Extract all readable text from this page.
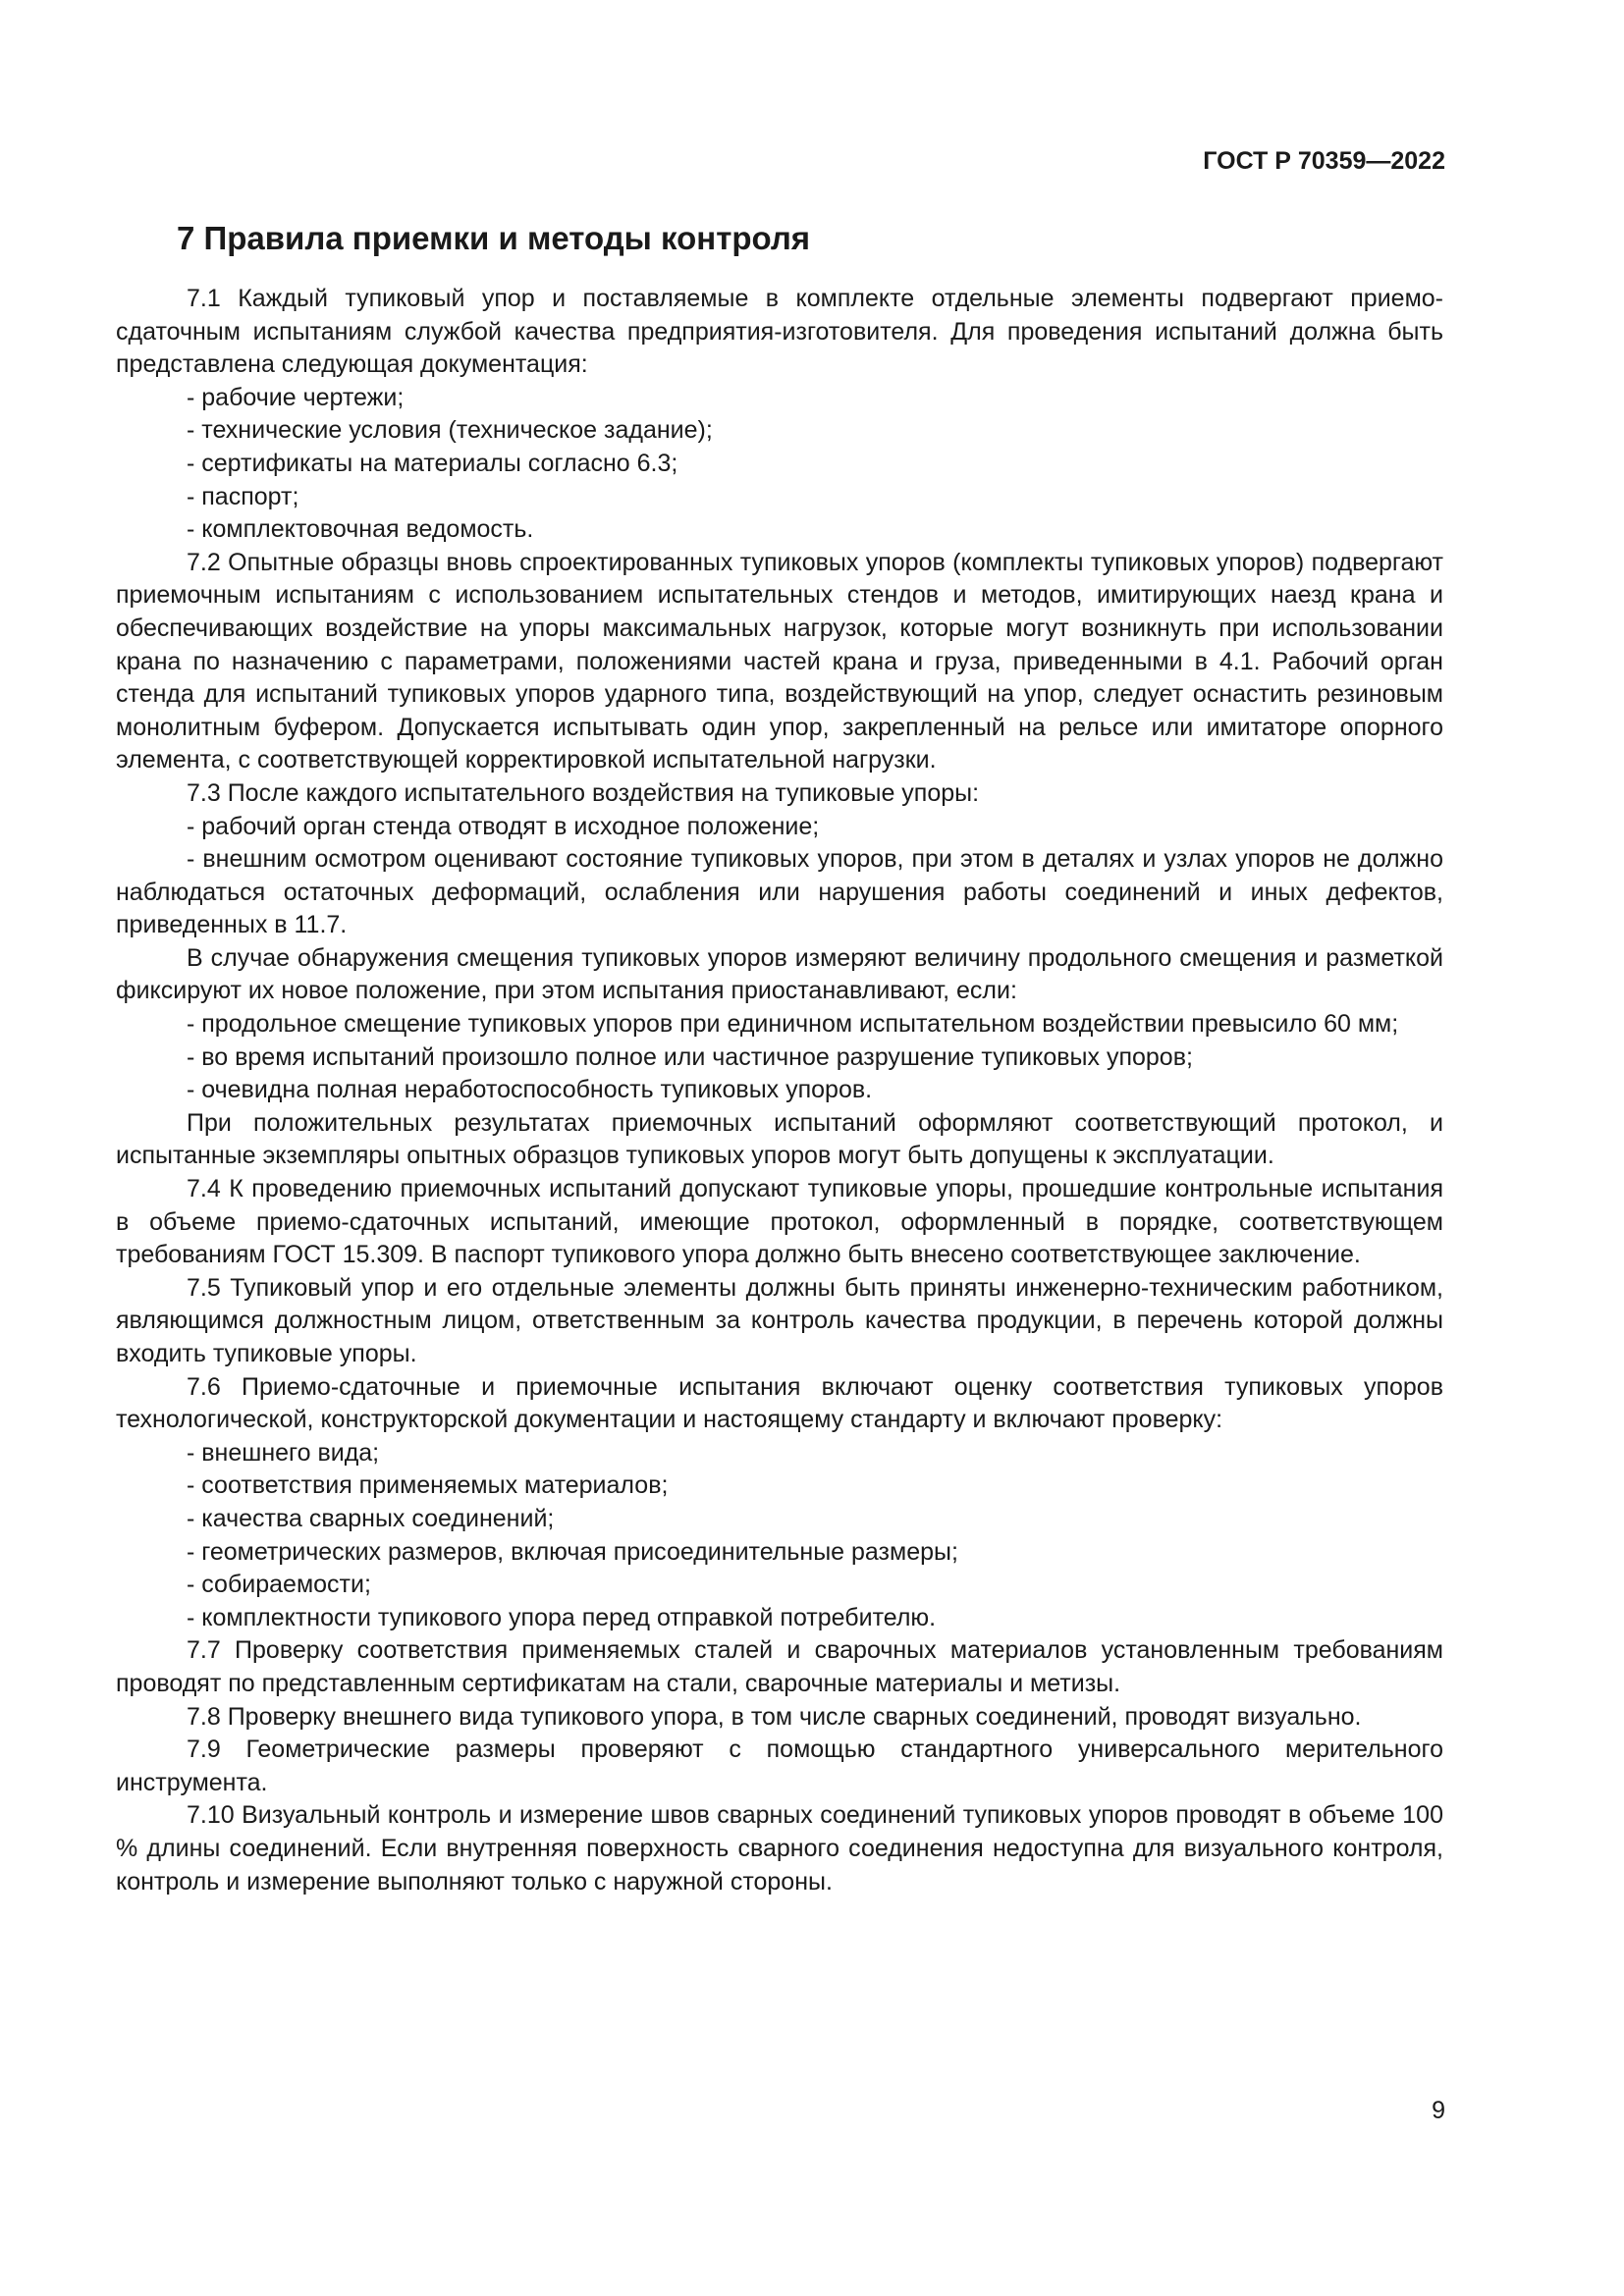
ГОСТ Р 70359—2022
7 Правила приемки и методы контроля

7.1 Каждый тупиковый упор и поставляемые в комплекте отдельные элементы подвергают приемо-сдаточным испытаниям службой качества предприятия-изготовителя. Для проведения испытаний должна быть представлена следующая документация:

- рабочие чертежи;

- технические условия (техническое задание);

- сертификаты на материалы согласно 6.3;

- паспорт;

- комплектовочная ведомость.

7.2 Опытные образцы вновь спроектированных тупиковых упоров (комплекты тупиковых упоров) подвергают приемочным испытаниям с использованием испытательных стендов и методов, имитирующих наезд крана и обеспечивающих воздействие на упоры максимальных нагрузок, которые могут возникнуть при использовании крана по назначению с параметрами, положениями частей крана и груза, приведенными в 4.1. Рабочий орган стенда для испытаний тупиковых упоров ударного типа, воздействующий на упор, следует оснастить резиновым монолитным буфером. Допускается испытывать один упор, закрепленный на рельсе или имитаторе опорного элемента, с соответствующей корректировкой испытательной нагрузки.

7.3 После каждого испытательного воздействия на тупиковые упоры:

- рабочий орган стенда отводят в исходное положение;

- внешним осмотром оценивают состояние тупиковых упоров, при этом в деталях и узлах упоров не должно наблюдаться остаточных деформаций, ослабления или нарушения работы соединений и иных дефектов, приведенных в 11.7.

В случае обнаружения смещения тупиковых упоров измеряют величину продольного смещения и разметкой фиксируют их новое положение, при этом испытания приостанавливают, если:

- продольное смещение тупиковых упоров при единичном испытательном воздействии превысило 60 мм;

- во время испытаний произошло полное или частичное разрушение тупиковых упоров;

- очевидна полная неработоспособность тупиковых упоров.

При положительных результатах приемочных испытаний оформляют соответствующий протокол, и испытанные экземпляры опытных образцов тупиковых упоров могут быть допущены к эксплуатации.

7.4 К проведению приемочных испытаний допускают тупиковые упоры, прошедшие контрольные испытания в объеме приемо-сдаточных испытаний, имеющие протокол, оформленный в порядке, соответствующем требованиям ГОСТ 15.309. В паспорт тупикового упора должно быть внесено соответствующее заключение.

7.5 Тупиковый упор и его отдельные элементы должны быть приняты инженерно-техническим работником, являющимся должностным лицом, ответственным за контроль качества продукции, в перечень которой должны входить тупиковые упоры.

7.6 Приемо-сдаточные и приемочные испытания включают оценку соответствия тупиковых упоров технологической, конструкторской документации и настоящему стандарту и включают проверку:

- внешнего вида;

- соответствия применяемых материалов;

- качества сварных соединений;

- геометрических размеров, включая присоединительные размеры;

- собираемости;

- комплектности тупикового упора перед отправкой потребителю.

7.7 Проверку соответствия применяемых сталей и сварочных материалов установленным требованиям проводят по представленным сертификатам на стали, сварочные материалы и метизы.

7.8 Проверку внешнего вида тупикового упора, в том числе сварных соединений, проводят визуально.

7.9 Геометрические размеры проверяют с помощью стандартного универсального мерительного инструмента.

7.10 Визуальный контроль и измерение швов сварных соединений тупиковых упоров проводят в объеме 100 % длины соединений. Если внутренняя поверхность сварного соединения недоступна для визуального контроля, контроль и измерение выполняют только с наружной стороны.

9
